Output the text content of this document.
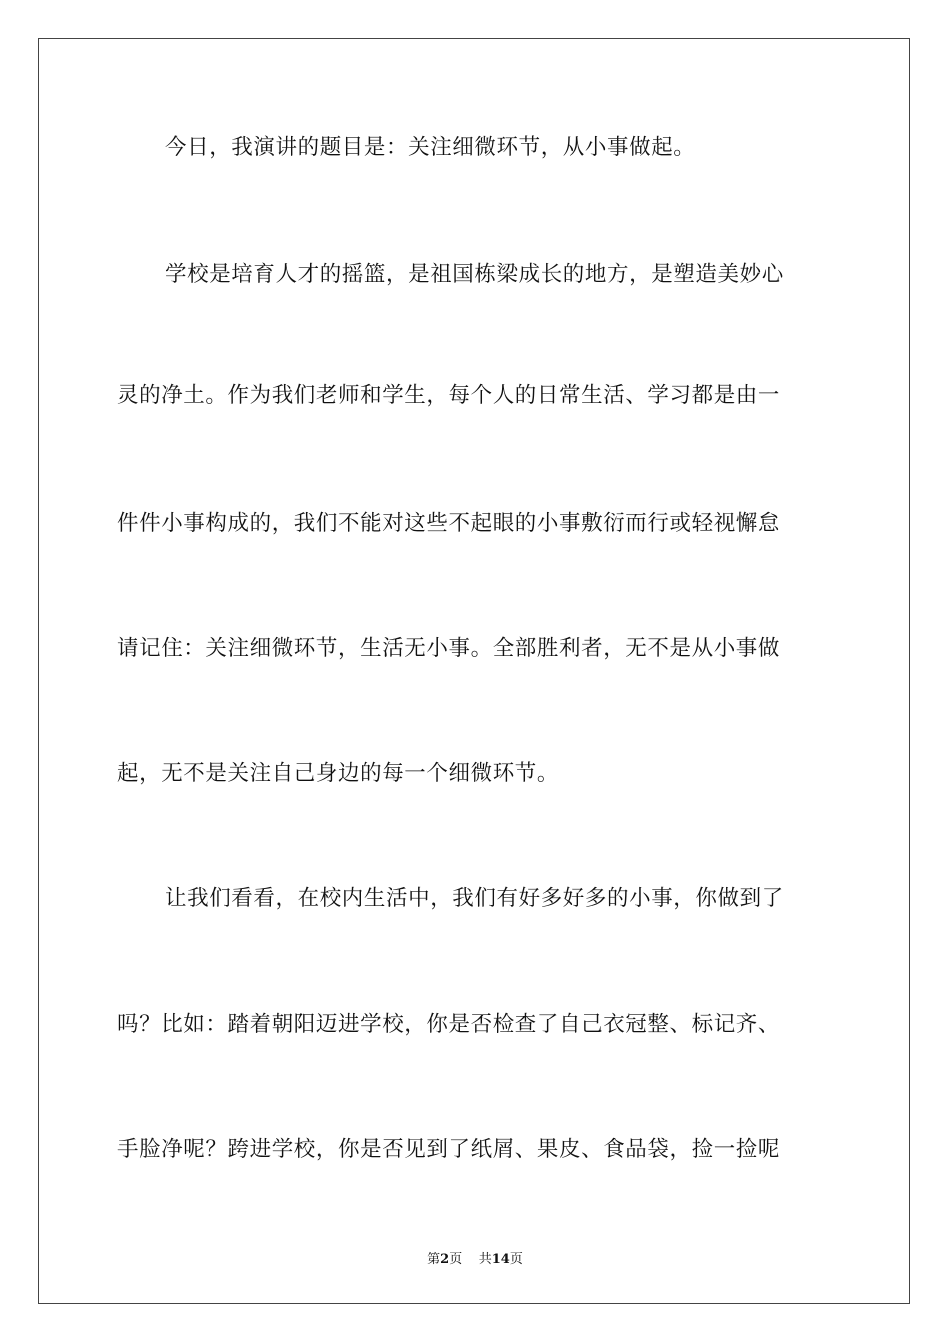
今日，我演讲的题目是：关注细微环节，从小事做起。
学校是培育人才的摇篮，是祖国栋梁成长的地方，是塑造美妙心
灵的净土。作为我们老师和学生，每个人的日常生活、学习都是由一
件件小事构成的，我们不能对这些不起眼的小事敷衍而行或轻视懈怠
请记住：关注细微环节，生活无小事。全部胜利者，无不是从小事做
起，无不是关注自己身边的每一个细微环节。
让我们看看，在校内生活中，我们有好多好多的小事，你做到了
吗？比如：踏着朝阳迈进学校，你是否检查了自己衣冠整、标记齐、
手脸净呢？跨进学校，你是否见到了纸屑、果皮、食品袋，捡一捡呢
第2页 共14页
